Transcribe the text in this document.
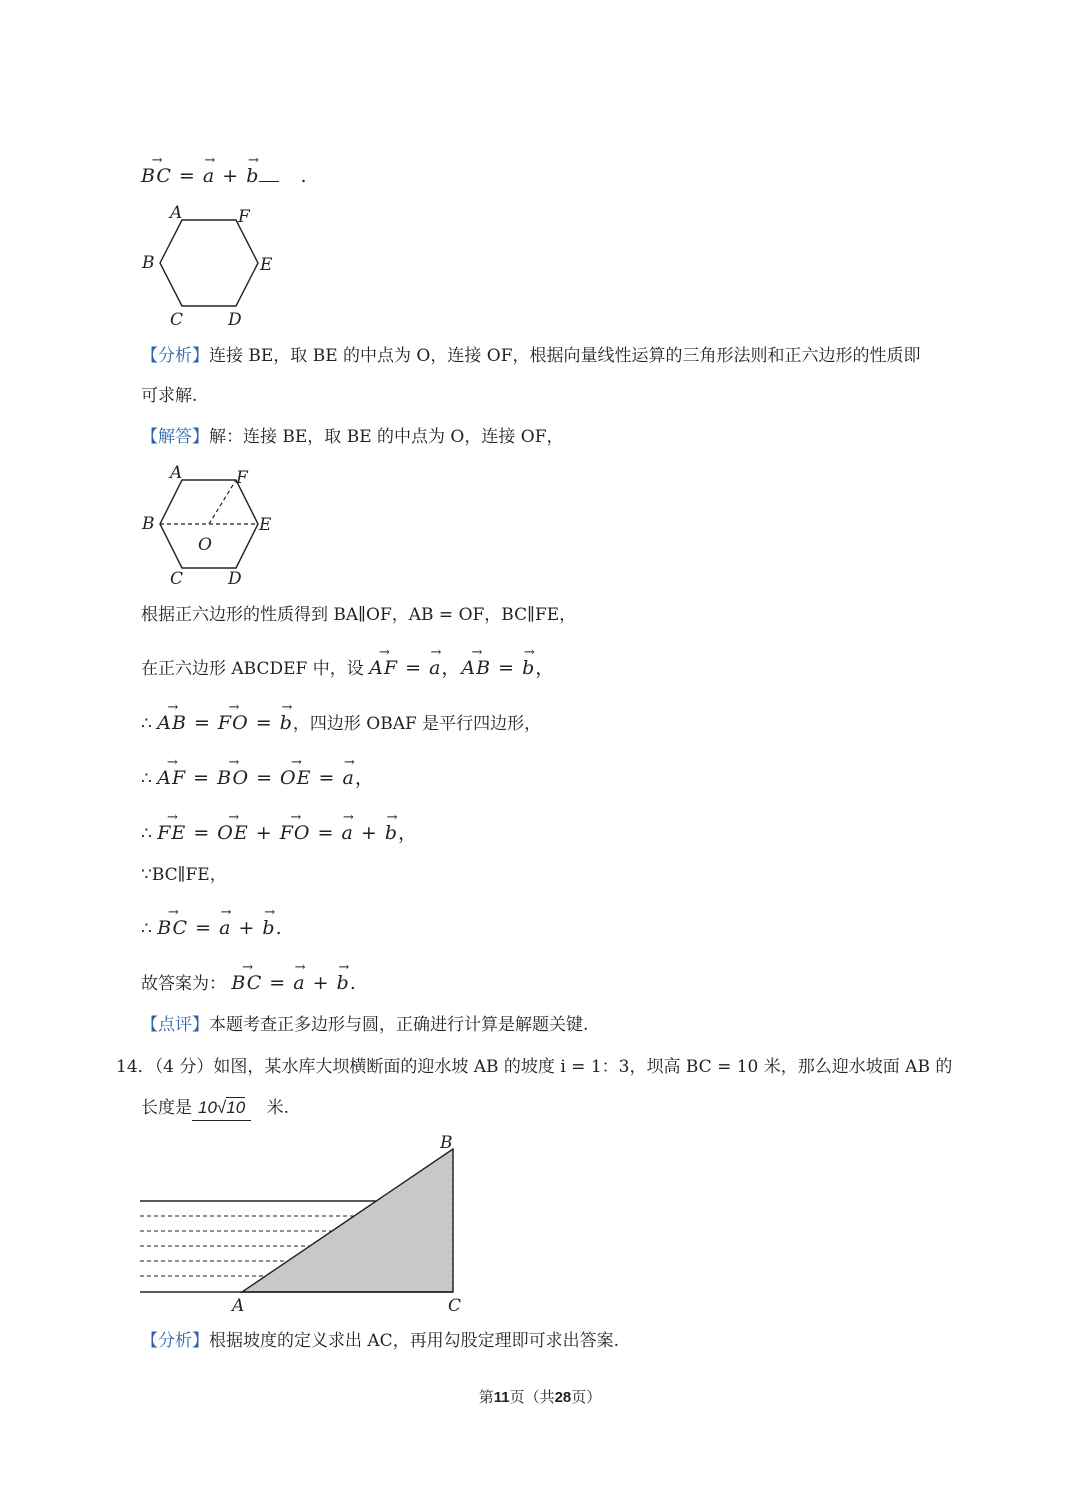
→ BC = → a + → b .
A	F
B	E
C	D
【分析】连接 BE，取 BE 的中点为 O，连接 OF，根据向量线性运算的三角形法则和正六边形的性质即
可求解.
【解答】解：连接 BE，取 BE 的中点为 O，连接 OF，
A	F
B	E
O
C	D
根据正六边形的性质得到 BA∥OF，AB = OF，BC∥FE，
在正六边形 ABCDEF 中，设 → AF = → a，→ AB = → b，
∴ → AB = → FO = → b，四边形 OBAF 是平行四边形，
∴ → AF = → BO = → OE = → a，
∴ → FE = → OE + → FO = → a + → b，
∵BC∥FE，
∴ → BC = → a + → b.
故答案为： → BC = → a + → b.
【点评】本题考查正多边形与圆，正确进行计算是解题关键.
14．（4 分）如图，某水库大坝横断面的迎水坡 AB 的坡度 i = 1：3，坝高 BC = 10 米，那么迎水坡面 AB 的
长度是 10√10 米.
B
A	C
【分析】根据坡度的定义求出 AC，再用勾股定理即可求出答案.
第11页（共28页）
